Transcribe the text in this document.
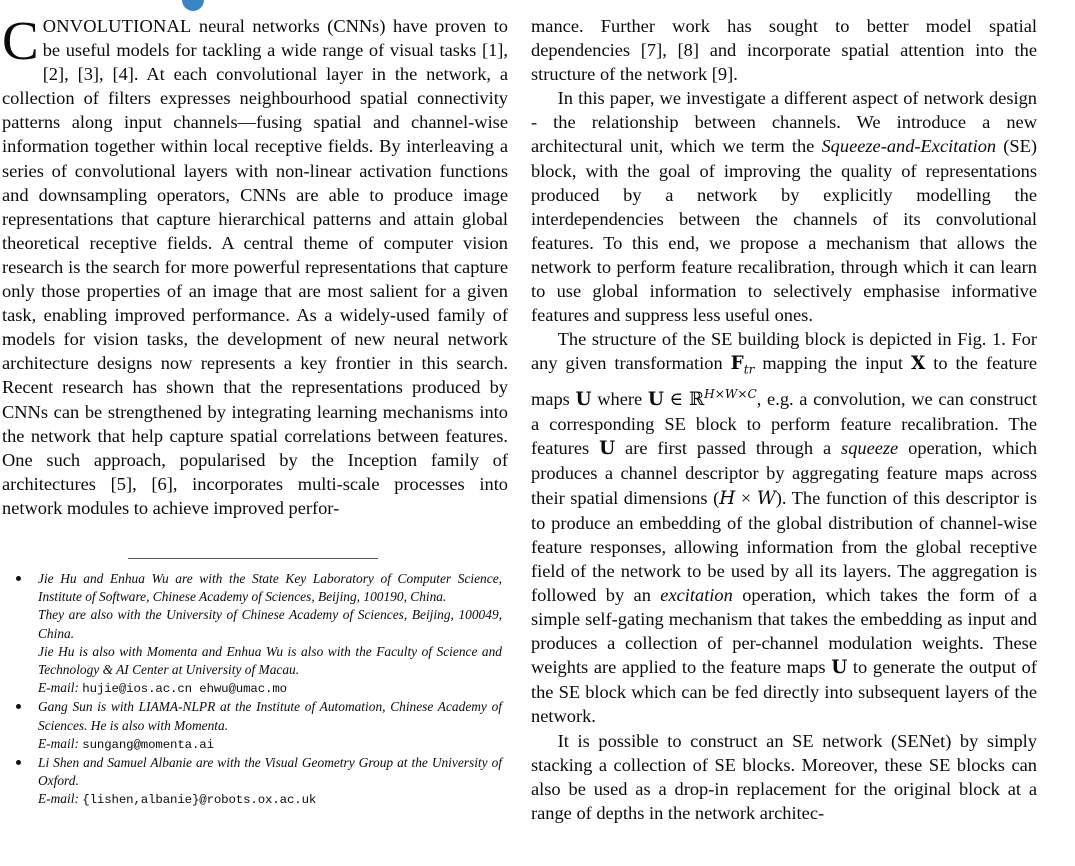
CONVOLUTIONAL neural networks (CNNs) have proven to be useful models for tackling a wide range of visual tasks [1], [2], [3], [4]. At each convolutional layer in the network, a collection of filters expresses neighbourhood spatial connectivity patterns along input channels—fusing spatial and channel-wise information together within local receptive fields. By interleaving a series of convolutional layers with non-linear activation functions and downsampling operators, CNNs are able to produce image representations that capture hierarchical patterns and attain global theoretical receptive fields. A central theme of computer vision research is the search for more powerful representations that capture only those properties of an image that are most salient for a given task, enabling improved performance. As a widely-used family of models for vision tasks, the development of new neural network architecture designs now represents a key frontier in this search. Recent research has shown that the representations produced by CNNs can be strengthened by integrating learning mechanisms into the network that help capture spatial correlations between features. One such approach, popularised by the Inception family of architectures [5], [6], incorporates multi-scale processes into network modules to achieve improved perfor-

mance. Further work has sought to better model spatial dependencies [7], [8] and incorporate spatial attention into the structure of the network [9].

In this paper, we investigate a different aspect of network design - the relationship between channels. We introduce a new architectural unit, which we term the Squeeze-and-Excitation (SE) block, with the goal of improving the quality of representations produced by a network by explicitly modelling the interdependencies between the channels of its convolutional features. To this end, we propose a mechanism that allows the network to perform feature recalibration, through which it can learn to use global information to selectively emphasise informative features and suppress less useful ones.

The structure of the SE building block is depicted in Fig. 1. For any given transformation $F_{tr}$ mapping the input X to the feature maps U where U ∈ ℝ$^{H\times W\times C}$, e.g. a convolution, we can construct a corresponding SE block to perform feature recalibration. The features U are first passed through a squeeze operation, which produces a channel descriptor by aggregating feature maps across their spatial dimensions (H × W). The function of this descriptor is to produce an embedding of the global distribution of channel-wise feature responses, allowing information from the global receptive field of the network to be used by all its layers. The aggregation is followed by an excitation operation, which takes the form of a simple self-gating mechanism that takes the embedding as input and produces a collection of per-channel modulation weights. These weights are applied to the feature maps U to generate the output of the SE block which can be fed directly into subsequent layers of the network.

It is possible to construct an SE network (SENet) by simply stacking a collection of SE blocks. Moreover, these SE blocks can also be used as a drop-in replacement for the original block at a range of depths in the network architec-

Jie Hu and Enhua Wu are with the State Key Laboratory of Computer Science, Institute of Software, Chinese Academy of Sciences, Beijing, 100190, China.
They are also with the University of Chinese Academy of Sciences, Beijing, 100049, China.
Jie Hu is also with Momenta and Enhua Wu is also with the Faculty of Science and Technology & AI Center at University of Macau.
E-mail: hujie@ios.ac.cn ehwu@umac.mo
Gang Sun is with LIAMA-NLPR at the Institute of Automation, Chinese Academy of Sciences. He is also with Momenta.
E-mail: sungang@momenta.ai
Li Shen and Samuel Albanie are with the Visual Geometry Group at the University of Oxford.
E-mail: {lishen,albanie}@robots.ox.ac.uk
